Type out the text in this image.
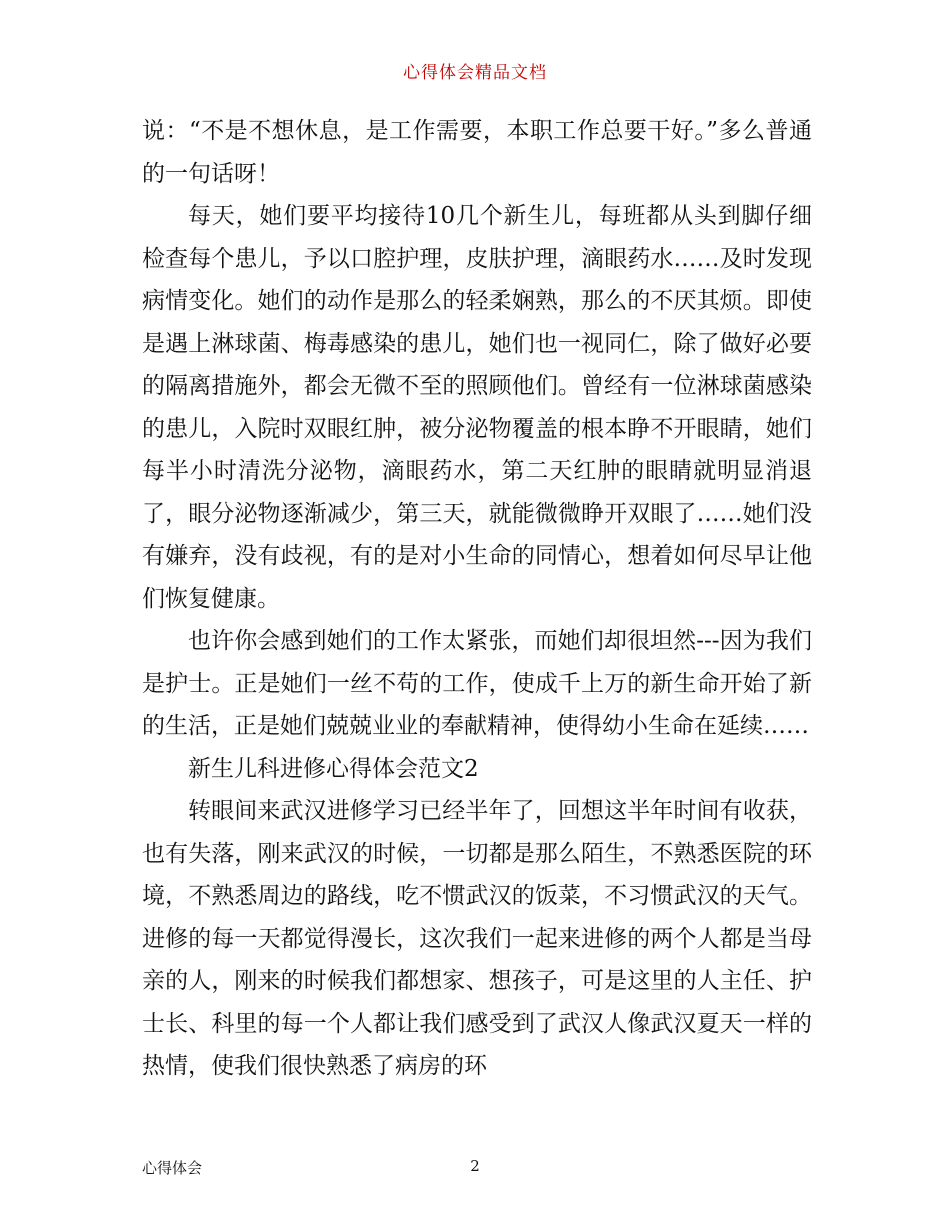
心得体会精品文档

说：“不是不想休息，是工作需要，本职工作总要干好。”多么普通的一句话呀！

每天，她们要平均接待10几个新生儿，每班都从头到脚仔细检查每个患儿，予以口腔护理，皮肤护理，滴眼药水……及时发现病情变化。她们的动作是那么的轻柔娴熟，那么的不厌其烦。即使是遇上淋球菌、梅毒感染的患儿，她们也一视同仁，除了做好必要的隔离措施外，都会无微不至的照顾他们。曾经有一位淋球菌感染的患儿，入院时双眼红肿，被分泌物覆盖的根本睁不开眼睛，她们每半小时清洗分泌物，滴眼药水，第二天红肿的眼睛就明显消退了，眼分泌物逐渐减少，第三天，就能微微睁开双眼了……她们没有嫌弃，没有歧视，有的是对小生命的同情心，想着如何尽早让他们恢复健康。

也许你会感到她们的工作太紧张，而她们却很坦然---因为我们是护士。正是她们一丝不苟的工作，使成千上万的新生命开始了新的生活，正是她们兢兢业业的奉献精神，使得幼小生命在延续……

新生儿科进修心得体会范文2

转眼间来武汉进修学习已经半年了，回想这半年时间有收获，也有失落，刚来武汉的时候，一切都是那么陌生，不熟悉医院的环境，不熟悉周边的路线，吃不惯武汉的饭菜，不习惯武汉的天气。进修的每一天都觉得漫长，这次我们一起来进修的两个人都是当母亲的人，刚来的时候我们都想家、想孩子，可是这里的人主任、护士长、科里的每一个人都让我们感受到了武汉人像武汉夏天一样的热情，使我们很快熟悉了病房的环

心得体会	2
